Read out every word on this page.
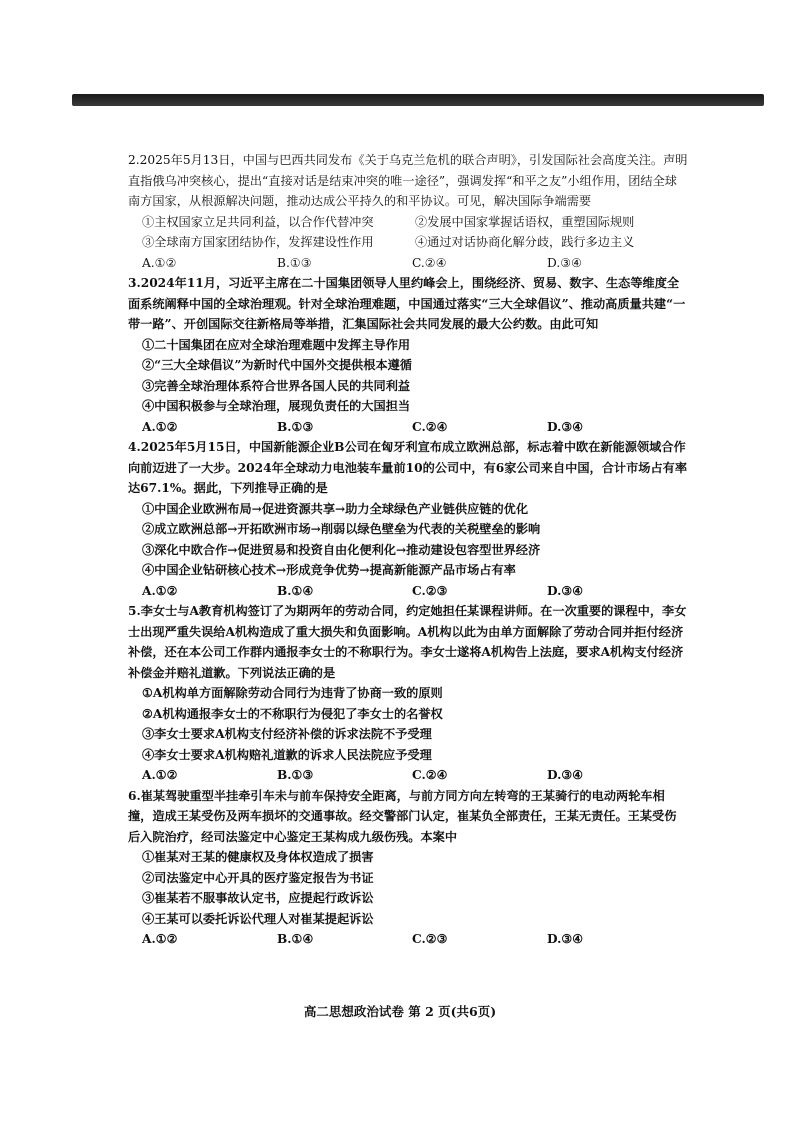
2.2025年5月13日，中国与巴西共同发布《关于乌克兰危机的联合声明》，引发国际社会高度关注。声明直指俄乌冲突核心，提出“直接对话是结束冲突的唯一途径”，强调发挥“和平之友”小组作用，团结全球南方国家，从根源解决问题，推动达成公平持久的和平协议。可见，解决国际争端需要
①主权国家立足共同利益，以合作代替冲突	②发展中国家掌握话语权，重塑国际规则
③全球南方国家团结协作，发挥建设性作用	④通过对话协商化解分歧，践行多边主义
A.①②	B.①③	C.②④	D.③④
3.2024年11月，习近平主席在二十国集团领导人里约峰会上，围绕经济、贸易、数字、生态等维度全面系统阐释中国的全球治理观。针对全球治理难题，中国通过落实“三大全球倡议”、推动高质量共建“一带一路”、开创国际交往新格局等举措，汇集国际社会共同发展的最大公约数。由此可知
①二十国集团在应对全球治理难题中发挥主导作用
②“三大全球倡议”为新时代中国外交提供根本遵循
③完善全球治理体系符合世界各国人民的共同利益
④中国积极参与全球治理，展现负责任的大国担当
A.①②	B.①③	C.②④	D.③④
4.2025年5月15日，中国新能源企业B公司在匈牙利宣布成立欧洲总部，标志着中欧在新能源领域合作向前迈进了一大步。2024年全球动力电池装车量前10的公司中，有6家公司来自中国，合计市场占有率达67.1%。据此，下列推导正确的是
①中国企业欧洲布局→促进资源共享→助力全球绿色产业链供应链的优化
②成立欧洲总部→开拓欧洲市场→削弱以绿色壁垒为代表的关税壁垒的影响
③深化中欧合作→促进贸易和投资自由化便利化→推动建设包容型世界经济
④中国企业钻研核心技术→形成竞争优势→提高新能源产品市场占有率
A.①②	B.①④	C.②③	D.③④
5.李女士与A教育机构签订了为期两年的劳动合同，约定她担任某课程讲师。在一次重要的课程中，李女士出现严重失误给A机构造成了重大损失和负面影响。A机构以此为由单方面解除了劳动合同并拒付经济补偿，还在本公司工作群内通报李女士的不称职行为。李女士遂将A机构告上法庭，要求A机构支付经济补偿金并赔礼道歉。下列说法正确的是
①A机构单方面解除劳动合同行为违背了协商一致的原则
②A机构通报李女士的不称职行为侵犯了李女士的名誉权
③李女士要求A机构支付经济补偿的诉求法院不予受理
④李女士要求A机构赔礼道歉的诉求人民法院应予受理
A.①②	B.①③	C.②④	D.③④
6.崔某驾驶重型半挂牵引车未与前车保持安全距离，与前方同方向左转弯的王某骑行的电动两轮车相撞，造成王某受伤及两车损坏的交通事故。经交警部门认定，崔某负全部责任，王某无责任。王某受伤后入院治疗，经司法鉴定中心鉴定王某构成九级伤残。本案中
①崔某对王某的健康权及身体权造成了损害
②司法鉴定中心开具的医疗鉴定报告为书证
③崔某若不服事故认定书，应提起行政诉讼
④王某可以委托诉讼代理人对崔某提起诉讼
A.①②	B.①④	C.②③	D.③④
高二思想政治试卷 第 2 页(共6页)
